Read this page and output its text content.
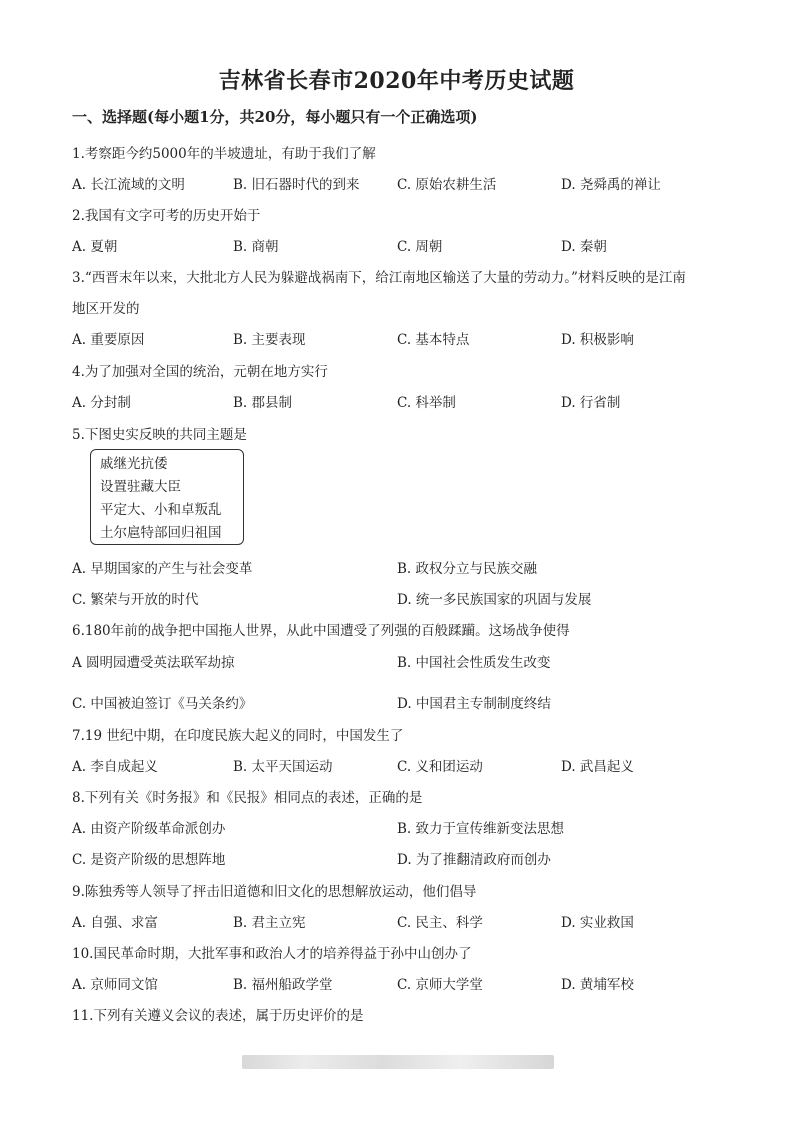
吉林省长春市2020年中考历史试题
一、选择题(每小题1分，共20分，每小题只有一个正确选项)
1.考察距今约5000年的半坡遗址，有助于我们了解
A. 长江流域的文明	B. 旧石器时代的到来	C. 原始农耕生活	D. 尧舜禹的禅让
2.我国有文字可考的历史开始于
A. 夏朝	B. 商朝	C. 周朝	D. 秦朝
3.“西晋末年以来，大批北方人民为躲避战祸南下，给江南地区输送了大量的劳动力。”材料反映的是江南
地区开发的
A. 重要原因	B. 主要表现	C. 基本特点	D. 积极影响
4.为了加强对全国的统治，元朝在地方实行
A. 分封制	B. 郡县制	C. 科举制	D. 行省制
5.下图史实反映的共同主题是
戚继光抗倭
设置驻藏大臣
平定大、小和卓叛乱
土尔扈特部回归祖国
A. 早期国家的产生与社会变革	B. 政权分立与民族交融
C. 繁荣与开放的时代	D. 统一多民族国家的巩固与发展
6.180年前的战争把中国拖人世界，从此中国遭受了列强的百般蹂躏。这场战争使得
A 圆明园遭受英法联军劫掠	B. 中国社会性质发生改变
C. 中国被迫签订《马关条约》	D. 中国君主专制制度终结
7.19 世纪中期，在印度民族大起义的同时，中国发生了
A. 李自成起义	B. 太平天国运动	C. 义和团运动	D. 武昌起义
8.下列有关《时务报》和《民报》相同点的表述，正确的是
A. 由资产阶级革命派创办	B. 致力于宣传维新变法思想
C. 是资产阶级的思想阵地	D. 为了推翻清政府而创办
9.陈独秀等人领导了抨击旧道德和旧文化的思想解放运动，他们倡导
A. 自强、求富	B. 君主立宪	C. 民主、科学	D. 实业救国
10.国民革命时期，大批军事和政治人才的培养得益于孙中山创办了
A. 京师同文馆	B. 福州船政学堂	C. 京师大学堂	D. 黄埔军校
11.下列有关遵义会议的表述，属于历史评价的是
